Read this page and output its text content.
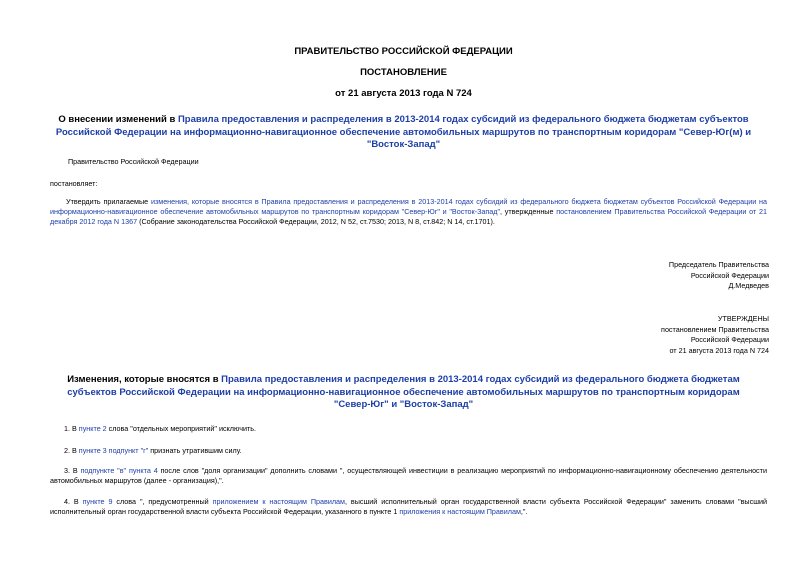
ПРАВИТЕЛЬСТВО РОССИЙСКОЙ ФЕДЕРАЦИИ
ПОСТАНОВЛЕНИЕ
от 21 августа 2013 года N 724
О внесении изменений в Правила предоставления и распределения в 2013-2014 годах субсидий из федерального бюджета бюджетам субъектов Российской Федерации на информационно-навигационное обеспечение автомобильных маршрутов по транспортным коридорам "Север-Юг(м) и "Восток-Запад"
Правительство Российской Федерации
постановляет:
Утвердить прилагаемые изменения, которые вносятся в Правила предоставления и распределения в 2013-2014 годах субсидий из федерального бюджета бюджетам субъектов Российской Федерации на информационно-навигационное обеспечение автомобильных маршрутов по транспортным коридорам "Север-Юг" и "Восток-Запад", утвержденные постановлением Правительства Российской Федерации от 21 декабря 2012 года N 1367 (Собрание законодательства Российской Федерации, 2012, N 52, ст.7530; 2013, N 8, ст.842; N 14, ст.1701).
Председатель Правительства
Российской Федерации
Д.Медведев
УТВЕРЖДЕНЫ
постановлением Правительства
Российской Федерации
от 21 августа 2013 года N 724
Изменения, которые вносятся в Правила предоставления и распределения в 2013-2014 годах субсидий из федерального бюджета бюджетам субъектов Российской Федерации на информационно-навигационное обеспечение автомобильных маршрутов по транспортным коридорам "Север-Юг" и "Восток-Запад"
1. В пункте 2 слова "отдельных мероприятий" исключить.
2. В пункте 3 подпункт "г" признать утратившим силу.
3. В подпункте "в" пункта 4 после слов "доля организации" дополнить словами ", осуществляющей инвестиции в реализацию мероприятий по информационно-навигационному обеспечению деятельности автомобильных маршрутов (далее - организация),".
4. В пункте 9 слова ", предусмотренный приложением к настоящим Правилам, высший исполнительный орган государственной власти субъекта Российской Федерации" заменить словами "высший исполнительный орган государственной власти субъекта Российской Федерации, указанного в пункте 1 приложения к настоящим Правилам,".
